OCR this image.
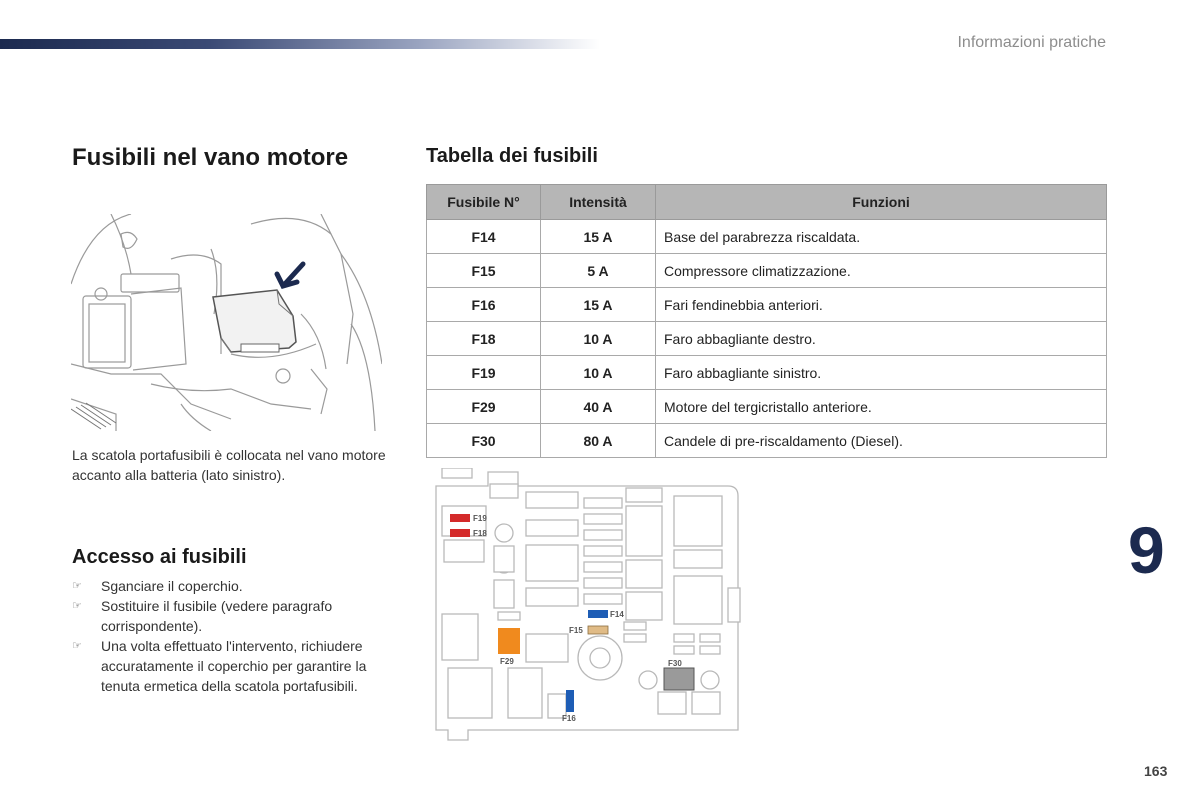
Informazioni pratiche
Fusibili nel vano motore

La scatola portafusibili è collocata nel vano motore accanto alla batteria (lato sinistro).

Accesso ai fusibili
☞ Sganciare il coperchio.
☞ Sostituire il fusibile (vedere paragrafo corrispondente).
☞ Una volta effettuato l'intervento, richiudere accuratamente il coperchio per garantire la tenuta ermetica della scatola portafusibili.
Tabella dei fusibili
Fusibile N°	Intensità	Funzioni
F14	15 A	Base del parabrezza riscaldata.
F15	5 A	Compressore climatizzazione.
F16	15 A	Fari fendinebbia anteriori.
F18	10 A	Faro abbagliante destro.
F19	10 A	Faro abbagliante sinistro.
F29	40 A	Motore del tergicristallo anteriore.
F30	80 A	Candele di pre-riscaldamento (Diesel).
F19
F18
F14
F15
F29	F30
F16
9
163
